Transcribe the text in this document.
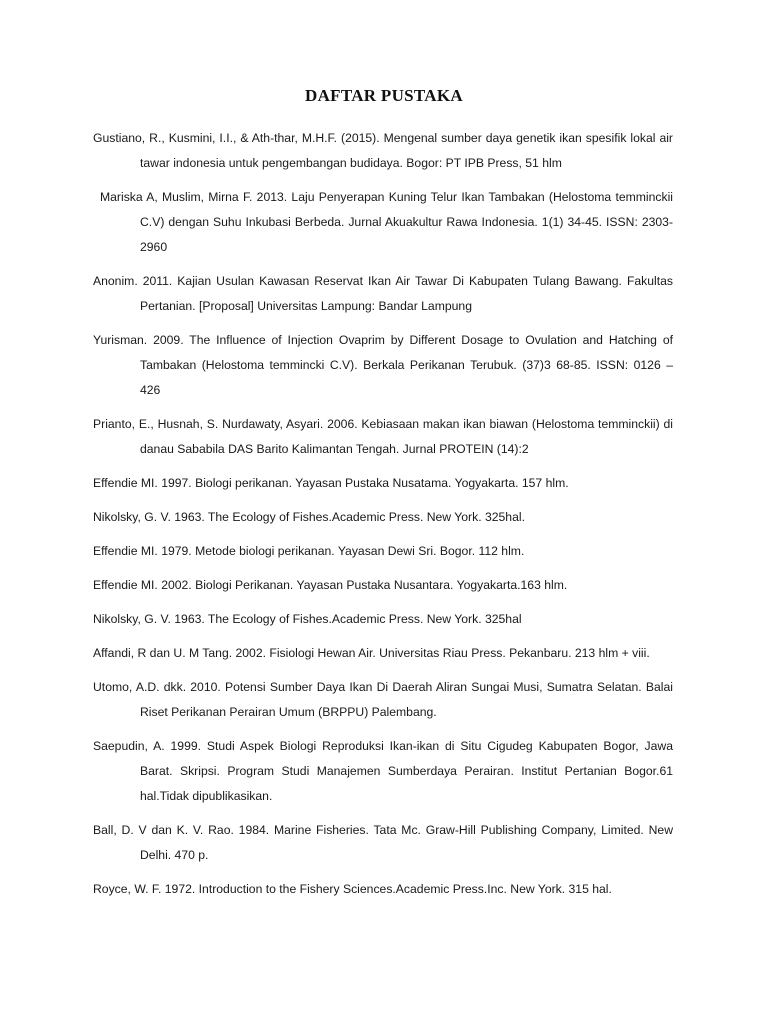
DAFTAR PUSTAKA

Gustiano, R., Kusmini, I.I., & Ath-thar, M.H.F. (2015). Mengenal sumber daya genetik ikan spesifik lokal air tawar indonesia untuk pengembangan budidaya. Bogor: PT IPB Press, 51 hlm

Mariska A, Muslim, Mirna F. 2013. Laju Penyerapan Kuning Telur Ikan Tambakan (Helostoma temminckii C.V) dengan Suhu Inkubasi Berbeda. Jurnal Akuakultur Rawa Indonesia. 1(1) 34-45. ISSN: 2303-2960

Anonim. 2011. Kajian Usulan Kawasan Reservat Ikan Air Tawar Di Kabupaten Tulang Bawang. Fakultas Pertanian. [Proposal] Universitas Lampung: Bandar Lampung

Yurisman. 2009. The Influence of Injection Ovaprim by Different Dosage to Ovulation and Hatching of Tambakan (Helostoma temmincki C.V). Berkala Perikanan Terubuk. (37)3 68-85. ISSN: 0126 – 426

Prianto, E., Husnah, S. Nurdawaty, Asyari. 2006. Kebiasaan makan ikan biawan (Helostoma temminckii) di danau Sababila DAS Barito Kalimantan Tengah. Jurnal PROTEIN (14):2

Effendie MI. 1997. Biologi perikanan. Yayasan Pustaka Nusatama. Yogyakarta. 157 hlm.

Nikolsky, G. V. 1963. The Ecology of Fishes.Academic Press. New York. 325hal.

Effendie MI. 1979. Metode biologi perikanan. Yayasan Dewi Sri. Bogor. 112 hlm.

Effendie MI. 2002. Biologi Perikanan. Yayasan Pustaka Nusantara. Yogyakarta.163 hlm.

Nikolsky, G. V. 1963. The Ecology of Fishes.Academic Press. New York. 325hal

Affandi, R dan U. M Tang. 2002. Fisiologi Hewan Air. Universitas Riau Press. Pekanbaru. 213 hlm + viii.

Utomo, A.D. dkk. 2010. Potensi Sumber Daya Ikan Di Daerah Aliran Sungai Musi, Sumatra Selatan. Balai Riset Perikanan Perairan Umum (BRPPU) Palembang.

Saepudin, A. 1999. Studi Aspek Biologi Reproduksi Ikan-ikan di Situ Cigudeg Kabupaten Bogor, Jawa Barat. Skripsi. Program Studi Manajemen Sumberdaya Perairan. Institut Pertanian Bogor.61 hal.Tidak dipublikasikan.

Ball, D. V dan K. V. Rao. 1984. Marine Fisheries. Tata Mc. Graw-Hill Publishing Company, Limited. New Delhi. 470 p.

Royce, W. F. 1972. Introduction to the Fishery Sciences.Academic Press.Inc. New York. 315 hal.
